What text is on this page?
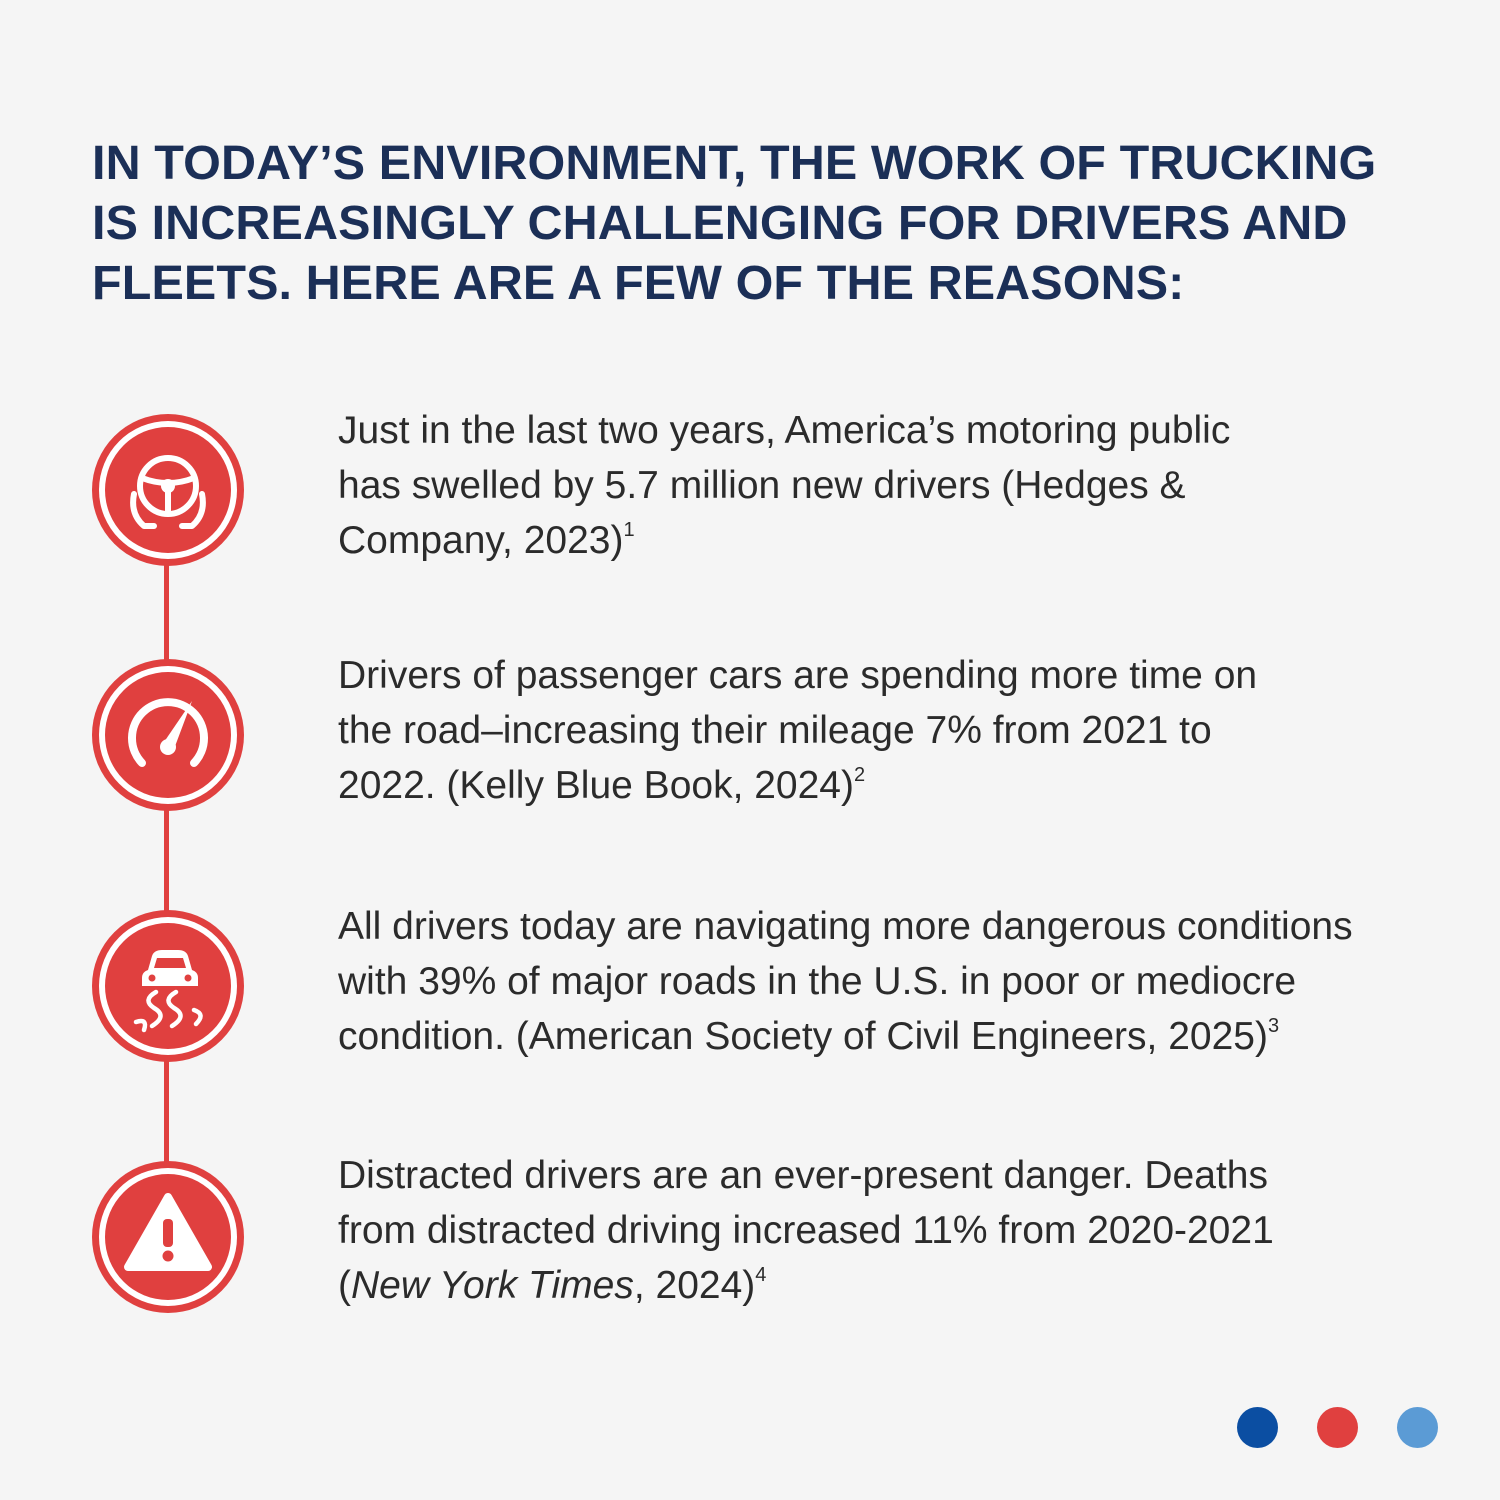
IN TODAY’S ENVIRONMENT, THE WORK OF TRUCKING
IS INCREASINGLY CHALLENGING FOR DRIVERS AND
FLEETS. HERE ARE A FEW OF THE REASONS:

Just in the last two years, America’s motoring public
has swelled by 5.7 million new drivers (Hedges &
Company, 2023)$^1$

Drivers of passenger cars are spending more time on
the road–increasing their mileage 7% from 2021 to
2022. (Kelly Blue Book, 2024)$^2$

All drivers today are navigating more dangerous conditions
with 39% of major roads in the U.S. in poor or mediocre
condition. (American Society of Civil Engineers, 2025)$^3$

Distracted drivers are an ever-present danger. Deaths
from distracted driving increased 11% from 2020-2021
(New York Times, 2024)$^4$
